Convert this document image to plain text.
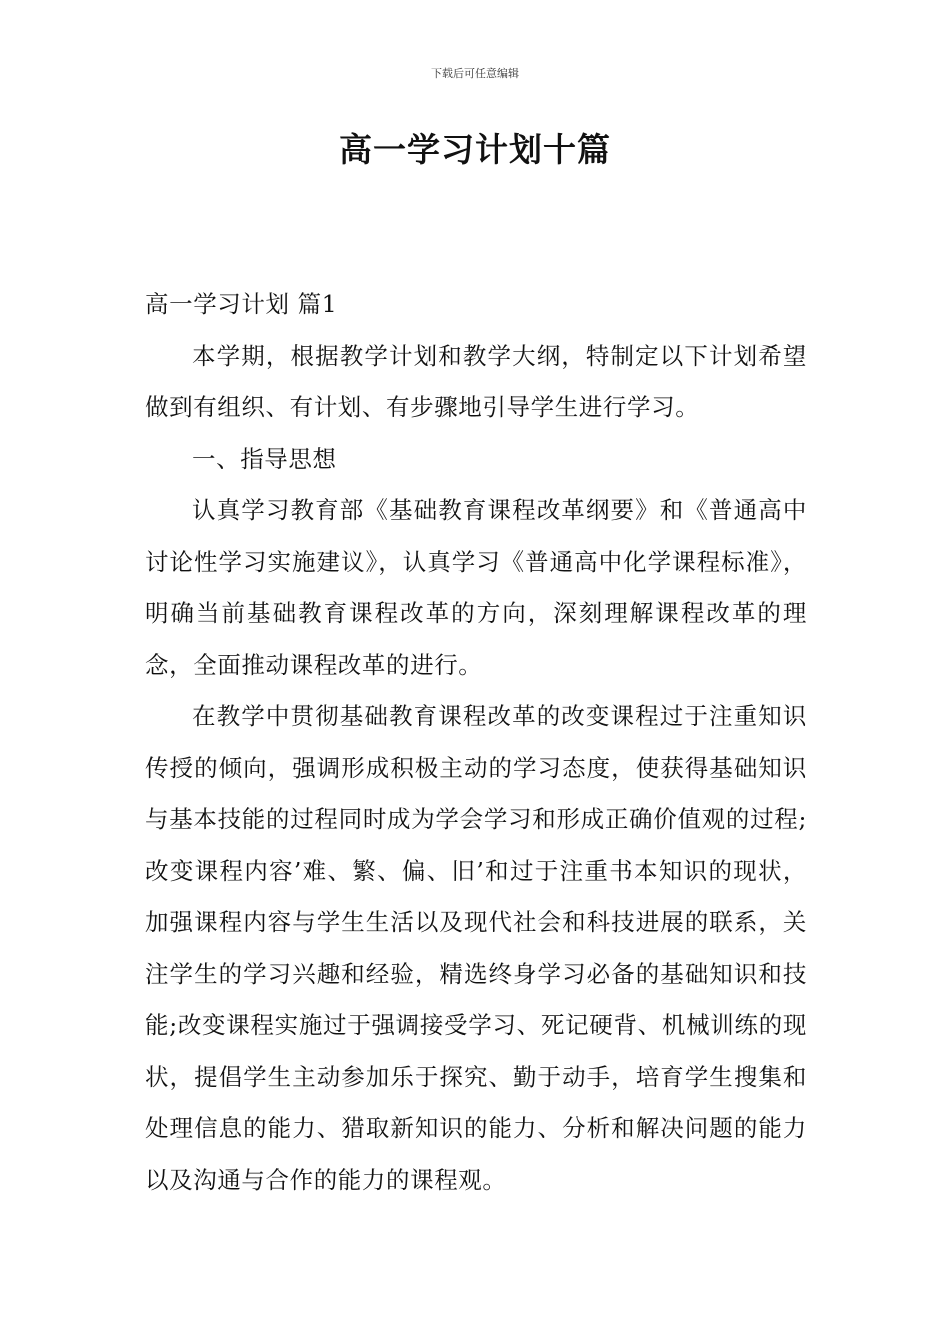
下载后可任意编辑
高一学习计划十篇

高一学习计划 篇1

本学期，根据教学计划和教学大纲，特制定以下计划希望做到有组织、有计划、有步骤地引导学生进行学习。

一、指导思想

认真学习教育部《基础教育课程改革纲要》和《普通高中讨论性学习实施建议》，认真学习《普通高中化学课程标准》，明确当前基础教育课程改革的方向，深刻理解课程改革的理念，全面推动课程改革的进行。

在教学中贯彻基础教育课程改革的改变课程过于注重知识传授的倾向，强调形成积极主动的学习态度，使获得基础知识与基本技能的过程同时成为学会学习和形成正确价值观的过程;改变课程内容’难、繁、偏、旧’和过于注重书本知识的现状，加强课程内容与学生生活以及现代社会和科技进展的联系，关注学生的学习兴趣和经验，精选终身学习必备的基础知识和技能;改变课程实施过于强调接受学习、死记硬背、机械训练的现状，提倡学生主动参加乐于探究、勤于动手，培育学生搜集和处理信息的能力、猎取新知识的能力、分析和解决问题的能力以及沟通与合作的能力的课程观。
